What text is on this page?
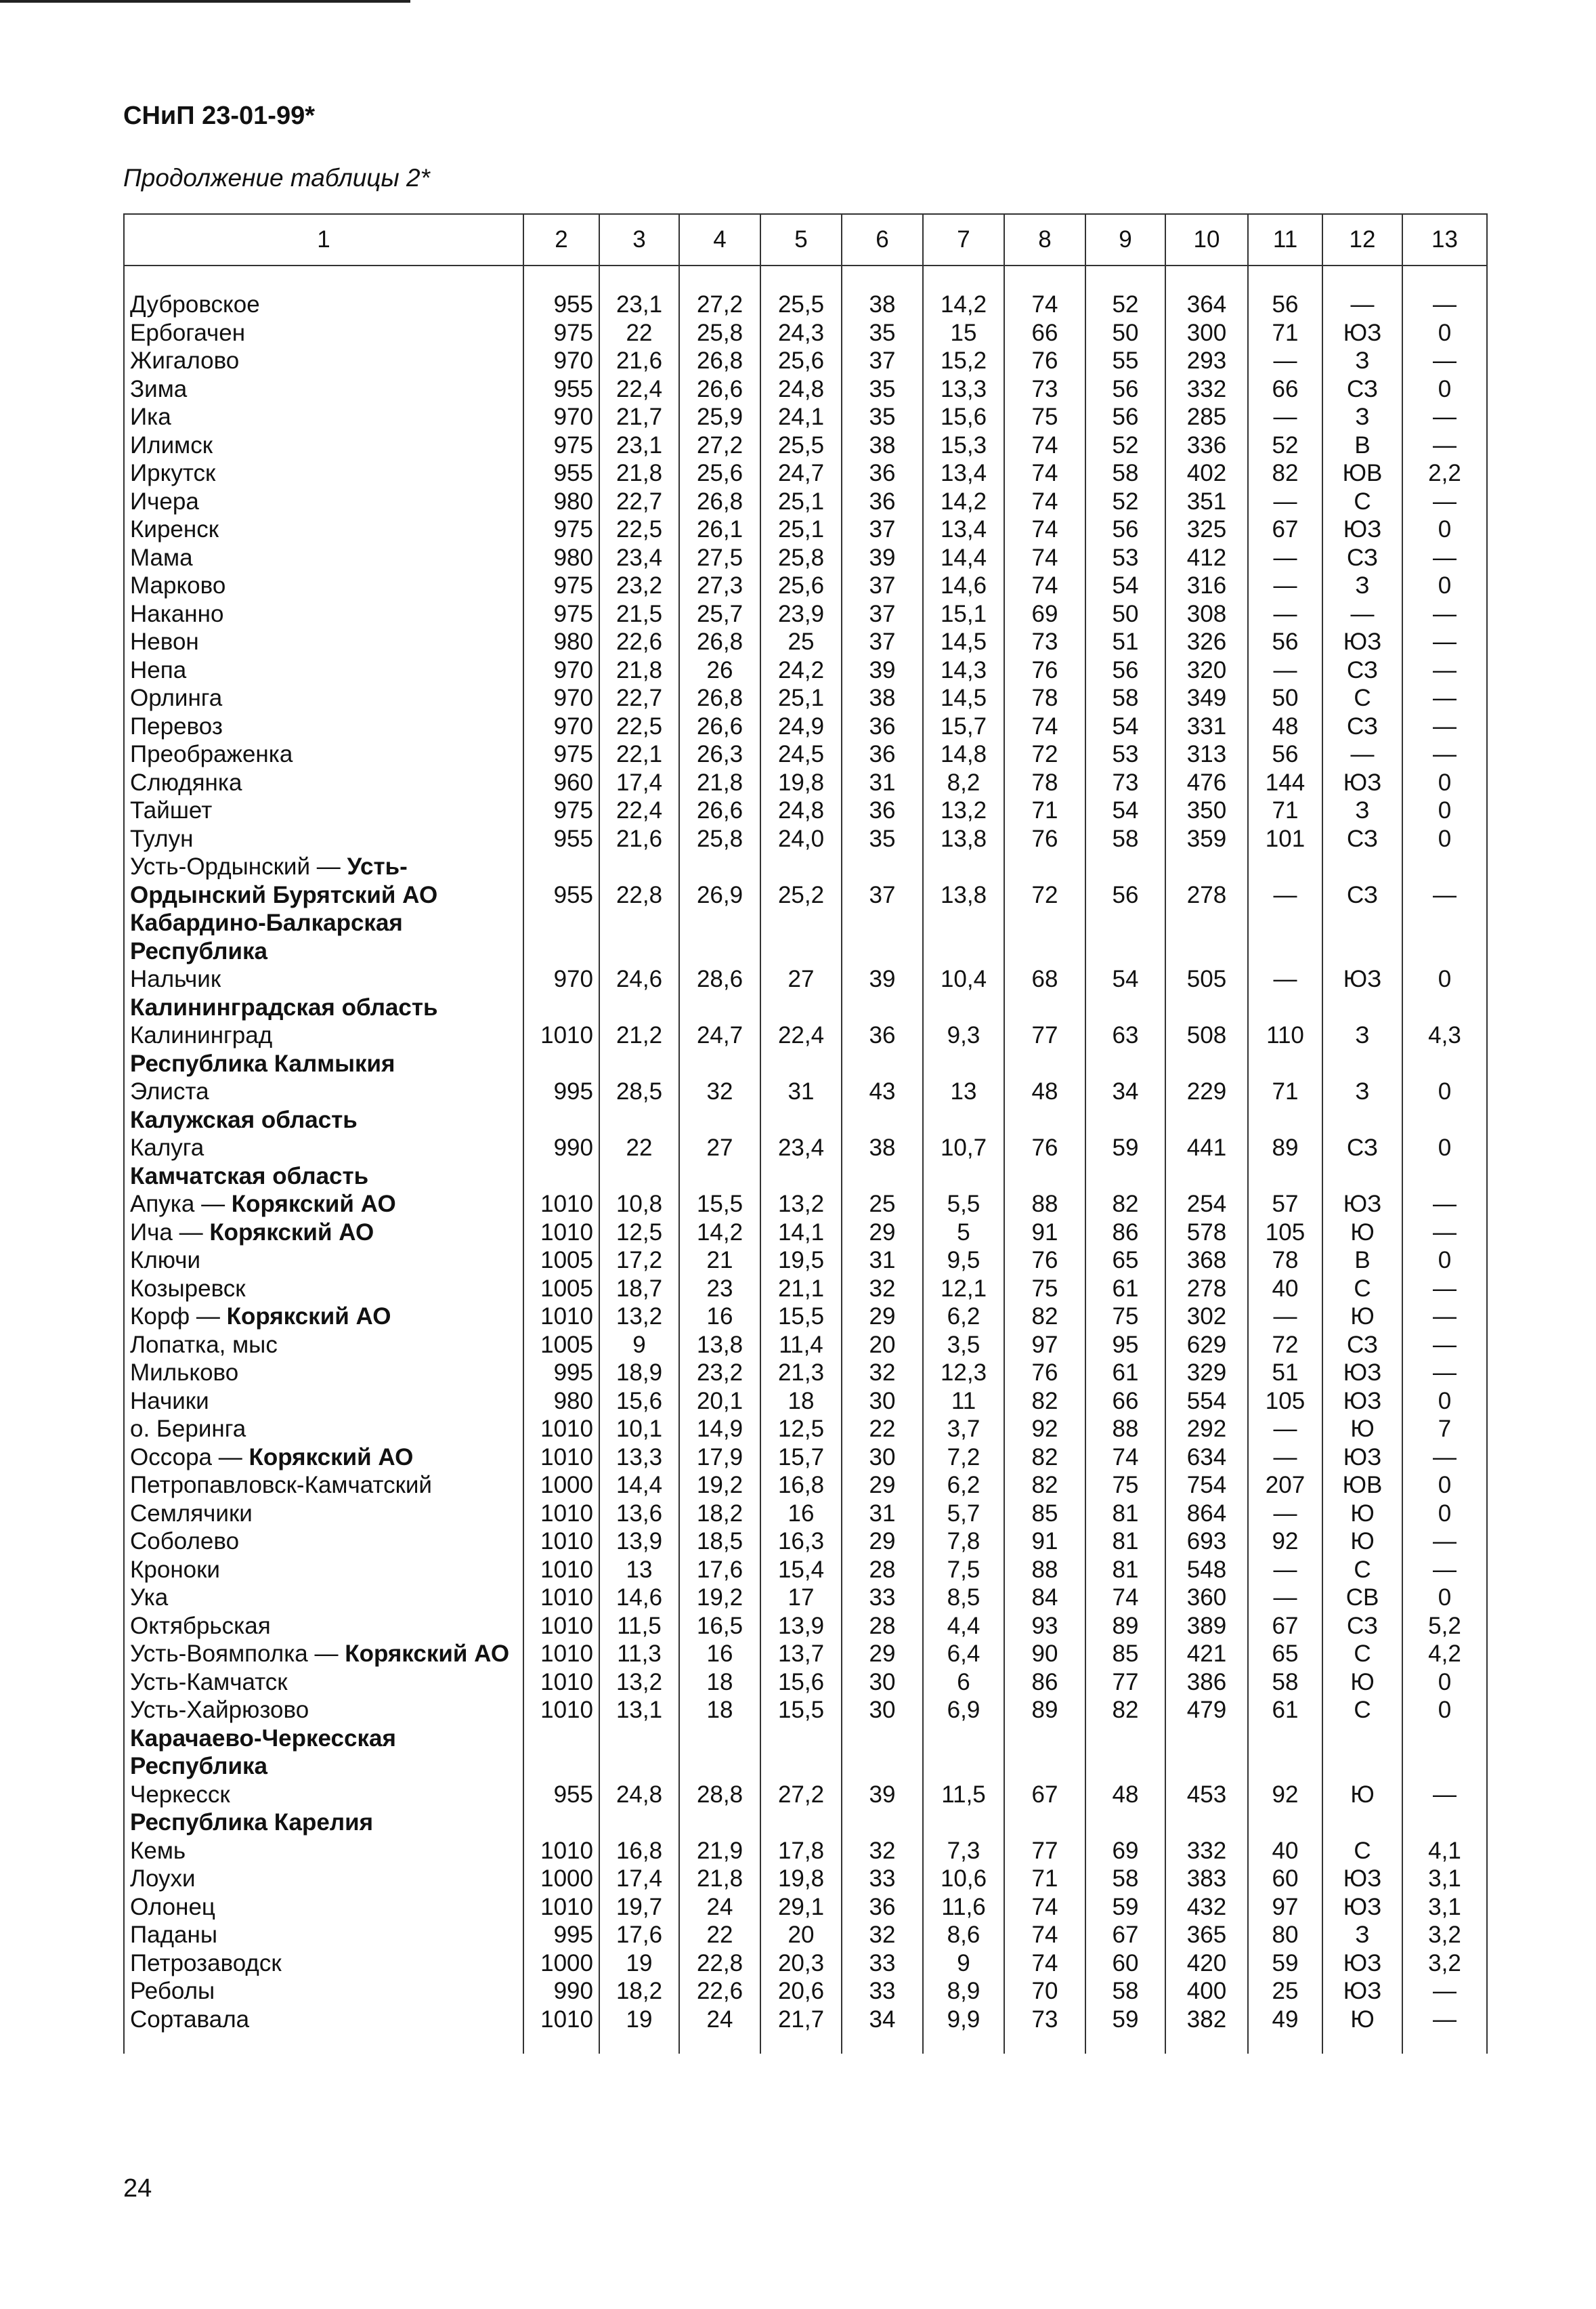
СНиП 23-01-99*
Продолжение таблицы 2*
1	2	3	4	5	6	7	8	9	10	11	12	13

Дубровское	955	23,1	27,2	25,5	38	14,2	74	52	364	56	—	—
Ербогачен	975	22	25,8	24,3	35	15	66	50	300	71	ЮЗ	0
Жигалово	970	21,6	26,8	25,6	37	15,2	76	55	293	—	З	—
Зима	955	22,4	26,6	24,8	35	13,3	73	56	332	66	СЗ	0
Ика	970	21,7	25,9	24,1	35	15,6	75	56	285	—	З	—
Илимск	975	23,1	27,2	25,5	38	15,3	74	52	336	52	В	—
Иркутск	955	21,8	25,6	24,7	36	13,4	74	58	402	82	ЮВ	2,2
Ичера	980	22,7	26,8	25,1	36	14,2	74	52	351	—	С	—
Киренск	975	22,5	26,1	25,1	37	13,4	74	56	325	67	ЮЗ	0
Мама	980	23,4	27,5	25,8	39	14,4	74	53	412	—	СЗ	—
Марково	975	23,2	27,3	25,6	37	14,6	74	54	316	—	З	0
Наканно	975	21,5	25,7	23,9	37	15,1	69	50	308	—	—	—
Невон	980	22,6	26,8	25	37	14,5	73	51	326	56	ЮЗ	—
Непа	970	21,8	26	24,2	39	14,3	76	56	320	—	СЗ	—
Орлинга	970	22,7	26,8	25,1	38	14,5	78	58	349	50	С	—
Перевоз	970	22,5	26,6	24,9	36	15,7	74	54	331	48	СЗ	—
Преображенка	975	22,1	26,3	24,5	36	14,8	72	53	313	56	—	—
Слюдянка	960	17,4	21,8	19,8	31	8,2	78	73	476	144	ЮЗ	0
Тайшет	975	22,4	26,6	24,8	36	13,2	71	54	350	71	З	0
Тулун	955	21,6	25,8	24,0	35	13,8	76	58	359	101	СЗ	0
Усть-Ордынский — Усть-Ордынский Бурятский АО	955	22,8	26,9	25,2	37	13,8	72	56	278	—	СЗ	—
Кабардино-Балкарская Республика												
Нальчик	970	24,6	28,6	27	39	10,4	68	54	505	—	ЮЗ	0
Калининградская область												
Калининград	1010	21,2	24,7	22,4	36	9,3	77	63	508	110	З	4,3
Республика Калмыкия												
Элиста	995	28,5	32	31	43	13	48	34	229	71	З	0
Калужская область												
Калуга	990	22	27	23,4	38	10,7	76	59	441	89	СЗ	0
Камчатская область												
Апука — Корякский АО	1010	10,8	15,5	13,2	25	5,5	88	82	254	57	ЮЗ	—
Ича — Корякский АО	1010	12,5	14,2	14,1	29	5	91	86	578	105	Ю	—
Ключи	1005	17,2	21	19,5	31	9,5	76	65	368	78	В	0
Козыревск	1005	18,7	23	21,1	32	12,1	75	61	278	40	С	—
Корф — Корякский АО	1010	13,2	16	15,5	29	6,2	82	75	302	—	Ю	—
Лопатка, мыс	1005	9	13,8	11,4	20	3,5	97	95	629	72	СЗ	—
Мильково	995	18,9	23,2	21,3	32	12,3	76	61	329	51	ЮЗ	—
Начики	980	15,6	20,1	18	30	11	82	66	554	105	ЮЗ	0
о. Беринга	1010	10,1	14,9	12,5	22	3,7	92	88	292	—	Ю	7
Оссора — Корякский АО	1010	13,3	17,9	15,7	30	7,2	82	74	634	—	ЮЗ	—
Петропавловск-Камчатский	1000	14,4	19,2	16,8	29	6,2	82	75	754	207	ЮВ	0
Семлячики	1010	13,6	18,2	16	31	5,7	85	81	864	—	Ю	0
Соболево	1010	13,9	18,5	16,3	29	7,8	91	81	693	92	Ю	—
Кроноки	1010	13	17,6	15,4	28	7,5	88	81	548	—	С	—
Ука	1010	14,6	19,2	17	33	8,5	84	74	360	—	СВ	0
Октябрьская	1010	11,5	16,5	13,9	28	4,4	93	89	389	67	СЗ	5,2
Усть-Воямполка — Корякский АО	1010	11,3	16	13,7	29	6,4	90	85	421	65	С	4,2
Усть-Камчатск	1010	13,2	18	15,6	30	6	86	77	386	58	Ю	0
Усть-Хайрюзово	1010	13,1	18	15,5	30	6,9	89	82	479	61	С	0
Карачаево-Черкесская Республика												
Черкесск	955	24,8	28,8	27,2	39	11,5	67	48	453	92	Ю	—
Республика Карелия												
Кемь	1010	16,8	21,9	17,8	32	7,3	77	69	332	40	С	4,1
Лоухи	1000	17,4	21,8	19,8	33	10,6	71	58	383	60	ЮЗ	3,1
Олонец	1010	19,7	24	29,1	36	11,6	74	59	432	97	ЮЗ	3,1
Паданы	995	17,6	22	20	32	8,6	74	67	365	80	З	3,2
Петрозаводск	1000	19	22,8	20,3	33	9	74	60	420	59	ЮЗ	3,2
Реболы	990	18,2	22,6	20,6	33	8,9	70	58	400	25	ЮЗ	—
Сортавала	1010	19	24	21,7	34	9,9	73	59	382	49	Ю	—

24
